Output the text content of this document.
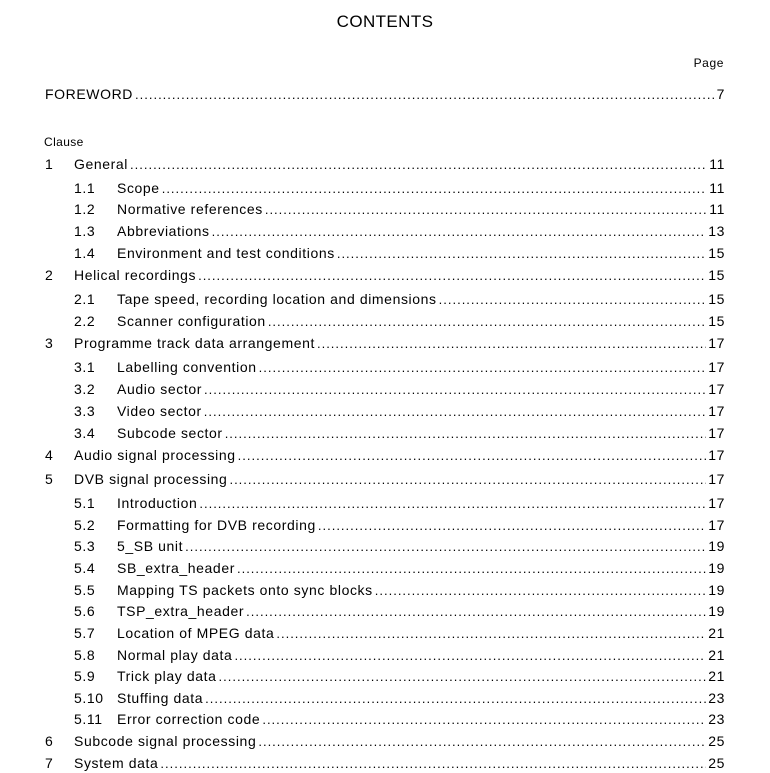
CONTENTS
Page
FOREWORD .....	7
Clause
1	General .....	11
1.1	Scope .....	11
1.2	Normative references .....	11
1.3	Abbreviations .....	13
1.4	Environment and test conditions .....	15
2	Helical recordings .....	15
2.1	Tape speed, recording location and dimensions .....	15
2.2	Scanner configuration .....	15
3	Programme track data arrangement .....	17
3.1	Labelling convention .....	17
3.2	Audio sector .....	17
3.3	Video sector .....	17
3.4	Subcode sector .....	17
4	Audio signal processing .....	17
5	DVB signal processing .....	17
5.1	Introduction .....	17
5.2	Formatting for DVB recording .....	17
5.3	5_SB unit .....	19
5.4	SB_extra_header .....	19
5.5	Mapping TS packets onto sync blocks .....	19
5.6	TSP_extra_header .....	19
5.7	Location of MPEG data .....	21
5.8	Normal play data .....	21
5.9	Trick play data .....	21
5.10 Stuffing data .....	23
5.11	Error correction code .....	23
6	Subcode signal processing .....	25
7	System data .....	25
